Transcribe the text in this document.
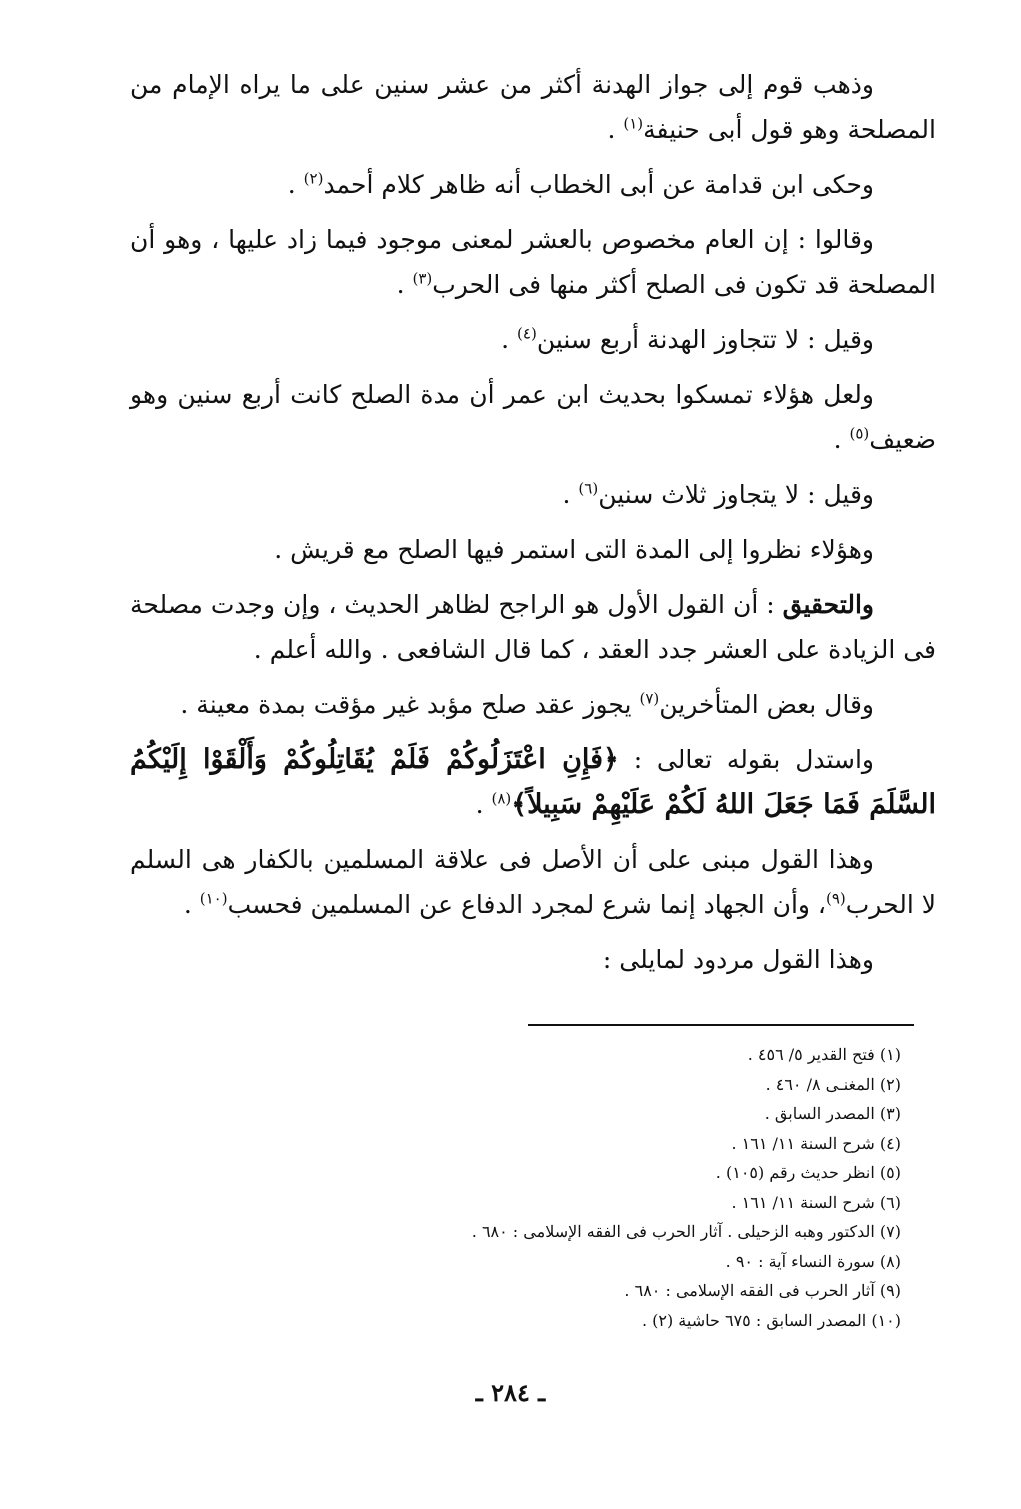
وذهب قوم إلى جواز الهدنة أكثر من عشر سنين على ما يراه الإمام من المصلحة وهو قول أبى حنيفة$^{(١)}$ .

وحكى ابن قدامة عن أبى الخطاب أنه ظاهر كلام أحمد$^{(٢)}$ .

وقالوا : إن العام مخصوص بالعشر لمعنى موجود فيما زاد عليها ، وهو أن المصلحة قد تكون فى الصلح أكثر منها فى الحرب$^{(٣)}$ .

وقيل : لا تتجاوز الهدنة أربع سنين$^{(٤)}$ .

ولعل هؤلاء تمسكوا بحديث ابن عمر أن مدة الصلح كانت أربع سنين وهو ضعيف$^{(٥)}$ .

وقيل : لا يتجاوز ثلاث سنين$^{(٦)}$ .

وهؤلاء نظروا إلى المدة التى استمر فيها الصلح مع قريش .

والتحقيق : أن القول الأول هو الراجح لظاهر الحديث ، وإن وجدت مصلحة فى الزيادة على العشر جدد العقد ، كما قال الشافعى . والله أعلم .

وقال بعض المتأخرين$^{(٧)}$ يجوز عقد صلح مؤبد غير مؤقت بمدة معينة .

واستدل بقوله تعالى : ﴿فَإِنِ اعْتَزَلُوكُمْ فَلَمْ يُقَاتِلُوكُمْ وَأَلْقَوْا إِلَيْكُمُ السَّلَمَ فَمَا جَعَلَ اللهُ لَكُمْ عَلَيْهِمْ سَبِيلاً﴾$^{(٨)}$ .

وهذا القول مبنى على أن الأصل فى علاقة المسلمين بالكفار هى السلم لا الحرب$^{(٩)}$، وأن الجهاد إنما شرع لمجرد الدفاع عن المسلمين فحسب$^{(١٠)}$ .

وهذا القول مردود لمايلى :

(١) فتح القدير ٥/ ٤٥٦ .
(٢) المغنـى ٨/ ٤٦٠ .
(٣) المصدر السابق .
(٤) شرح السنة ١١/ ١٦١ .
(٥) انظر حديث رقم (١٠٥) .
(٦) شرح السنة ١١/ ١٦١ .
(٧) الدكتور وهبه الزحيلى . آثار الحرب فى الفقه الإسلامى : ٦٨٠ .
(٨) سورة النساء آية : ٩٠ .
(٩) آثار الحرب فى الفقه الإسلامى : ٦٨٠ .
(١٠) المصدر السابق : ٦٧٥ حاشية (٢) .
ـ ٢٨٤ ـ
